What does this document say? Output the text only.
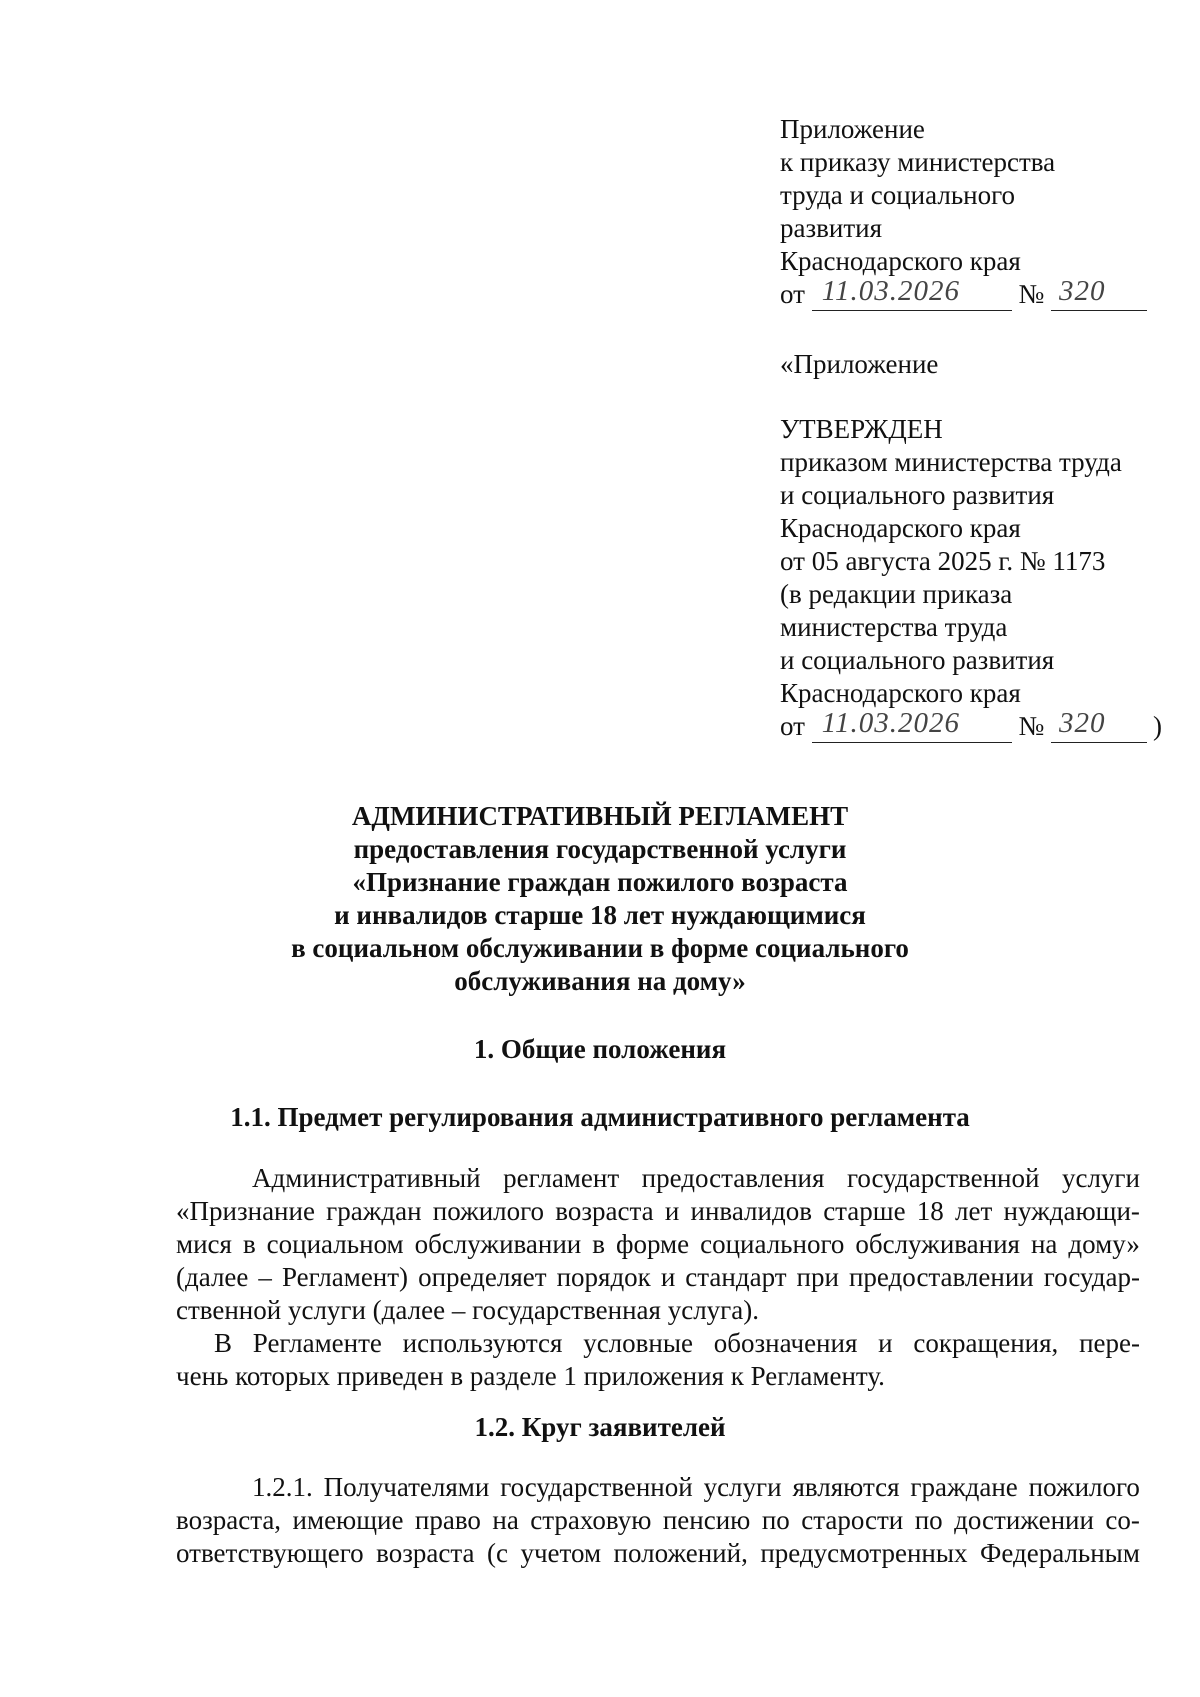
Приложение
к приказу министерства
труда и социального
развития
Краснодарского края
от 11.03.2026 № 320
«Приложение
УТВЕРЖДЕН
приказом министерства труда
и социального развития
Краснодарского края
от 05 августа 2025 г. № 1173
(в редакции приказа
министерства труда
и социального развития
Краснодарского края
от 11.03.2026 № 320 )
АДМИНИСТРАТИВНЫЙ РЕГЛАМЕНТ
предоставления государственной услуги
«Признание граждан пожилого возраста
и инвалидов старше 18 лет нуждающимися
в социальном обслуживании в форме социального
обслуживания на дому»
1. Общие положения
1.1. Предмет регулирования административного регламента
Административный регламент предоставления государственной услуги
«Признание граждан пожилого возраста и инвалидов старше 18 лет нуждающи-
мися в социальном обслуживании в форме социального обслуживания на дому»
(далее – Регламент) определяет порядок и стандарт при предоставлении государ-
ственной услуги (далее – государственная услуга).
В Регламенте используются условные обозначения и сокращения, пере-
чень которых приведен в разделе 1 приложения к Регламенту.
1.2. Круг заявителей
1.2.1. Получателями государственной услуги являются граждане пожилого
возраста, имеющие право на страховую пенсию по старости по достижении со-
ответствующего возраста (с учетом положений, предусмотренных Федеральным
